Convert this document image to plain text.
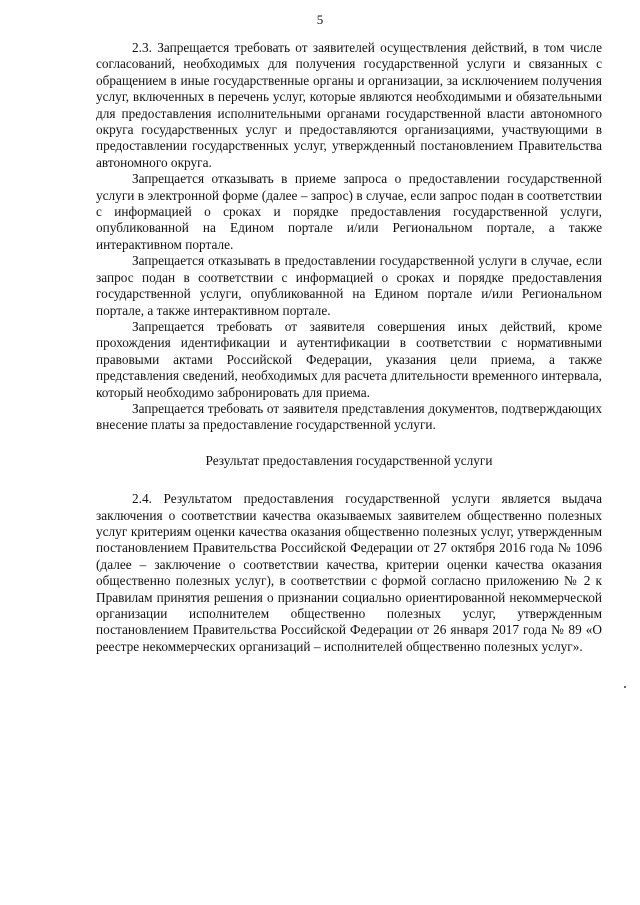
5

2.3. Запрещается требовать от заявителей осуществления действий, в том числе согласований, необходимых для получения государственной услуги и связанных с обращением в иные государственные органы и организации, за исключением получения услуг, включенных в перечень услуг, которые являются необходимыми и обязательными для предоставления исполнительными органами государственной власти автономного округа государственных услуг и предоставляются организациями, участвующими в предоставлении государственных услуг, утвержденный постановлением Правительства автономного округа.

Запрещается отказывать в приеме запроса о предоставлении государственной услуги в электронной форме (далее – запрос) в случае, если запрос подан в соответствии с информацией о сроках и порядке предоставления государственной услуги, опубликованной на Едином портале и/или Региональном портале, а также интерактивном портале.

Запрещается отказывать в предоставлении государственной услуги в случае, если запрос подан в соответствии с информацией о сроках и порядке предоставления государственной услуги, опубликованной на Едином портале и/или Региональном портале, а также интерактивном портале.

Запрещается требовать от заявителя совершения иных действий, кроме прохождения идентификации и аутентификации в соответствии с нормативными правовыми актами Российской Федерации, указания цели приема, а также представления сведений, необходимых для расчета длительности временного интервала, который необходимо забронировать для приема.

Запрещается требовать от заявителя представления документов, подтверждающих внесение платы за предоставление государственной услуги.

Результат предоставления государственной услуги

2.4. Результатом предоставления государственной услуги является выдача заключения о соответствии качества оказываемых заявителем общественно полезных услуг критериям оценки качества оказания общественно полезных услуг, утвержденным постановлением Правительства Российской Федерации от 27 октября 2016 года № 1096 (далее – заключение о соответствии качества, критерии оценки качества оказания общественно полезных услуг), в соответствии с формой согласно приложению № 2 к Правилам принятия решения о признании социально ориентированной некоммерческой организации исполнителем общественно полезных услуг, утвержденным постановлением Правительства Российской Федерации от 26 января 2017 года № 89 «О реестре некоммерческих организаций – исполнителей общественно полезных услуг».
